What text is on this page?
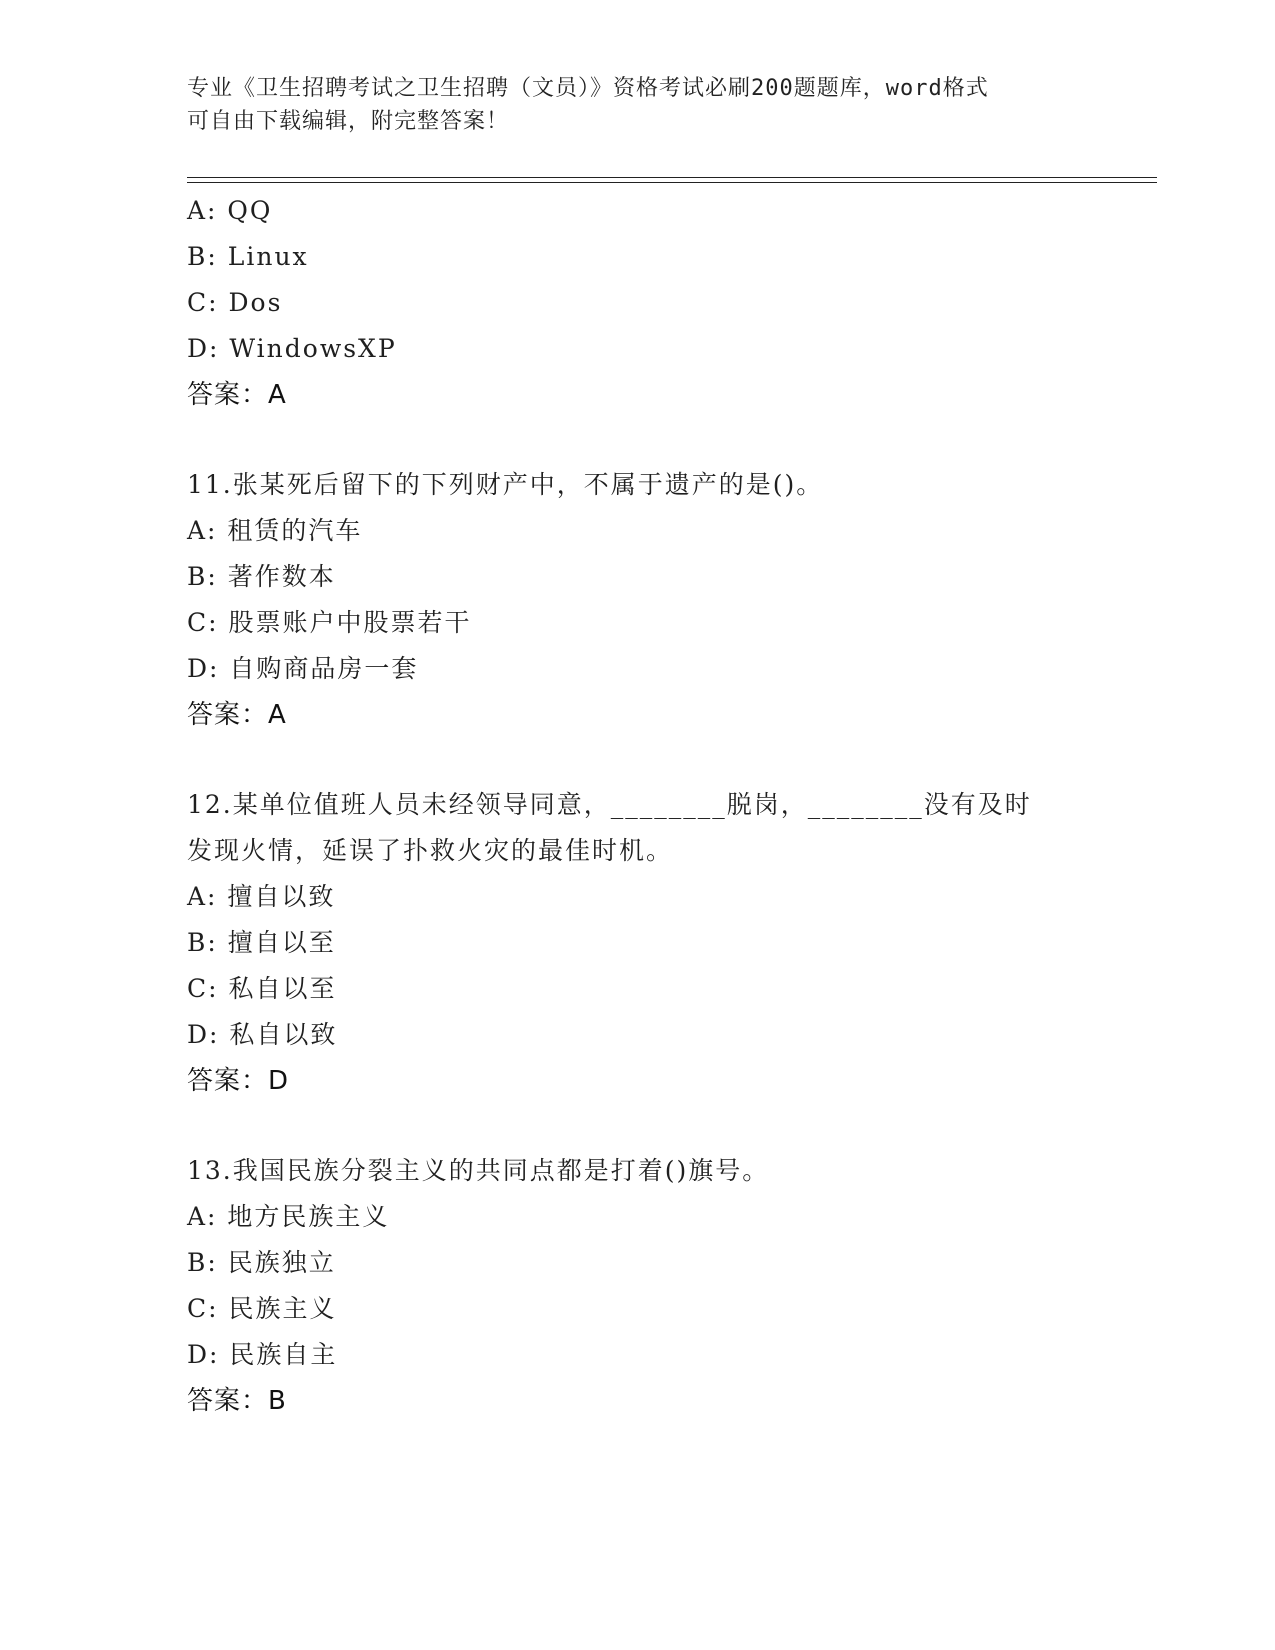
专业《卫生招聘考试之卫生招聘（文员）》资格考试必刷200题题库，word格式
可自由下载编辑，附完整答案！
A: QQ
B: Linux
C: Dos
D: WindowsXP
答案：A
11.张某死后留下的下列财产中，不属于遗产的是()。
A: 租赁的汽车
B: 著作数本
C: 股票账户中股票若干
D: 自购商品房一套
答案：A
12.某单位值班人员未经领导同意，________脱岗，________没有及时
发现火情，延误了扑救火灾的最佳时机。
A: 擅自以致
B: 擅自以至
C: 私自以至
D: 私自以致
答案：D
13.我国民族分裂主义的共同点都是打着()旗号。
A: 地方民族主义
B: 民族独立
C: 民族主义
D: 民族自主
答案：B
